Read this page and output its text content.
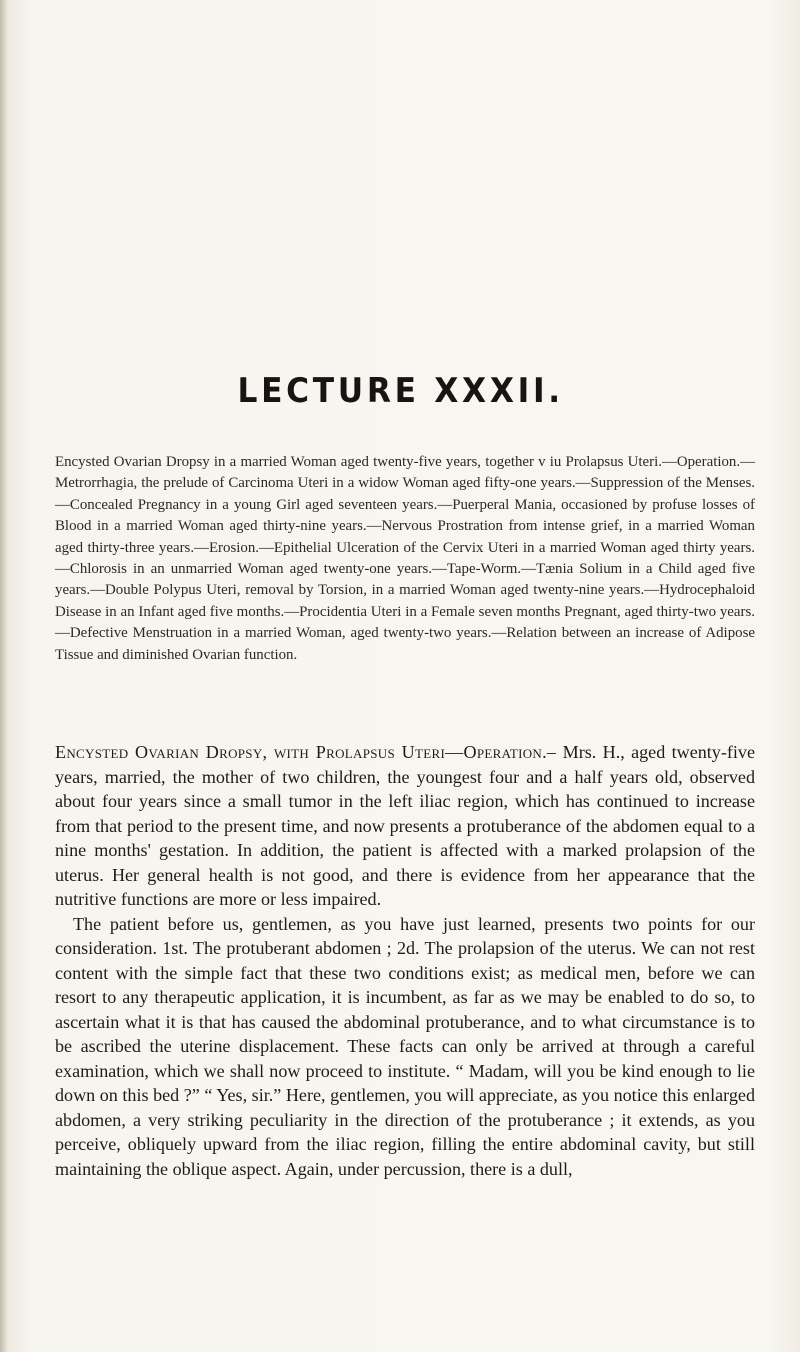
LECTURE XXXII.

Encysted Ovarian Dropsy in a married Woman aged twenty-five years, together v iu Prolapsus Uteri.—Operation.—Metrorrhagia, the prelude of Carcinoma Uteri in a widow Woman aged fifty-one years.—Suppression of the Menses.—Concealed Pregnancy in a young Girl aged seventeen years.—Puerperal Mania, occasioned by profuse losses of Blood in a married Woman aged thirty-nine years.—Nervous Prostration from intense grief, in a married Woman aged thirty-three years.—Erosion.—Epithelial Ulceration of the Cervix Uteri in a married Woman aged thirty years.—Chlorosis in an unmarried Woman aged twenty-one years.—Tape-Worm.—Tænia Solium in a Child aged five years.—Double Polypus Uteri, removal by Torsion, in a married Woman aged twenty-nine years.—Hydrocephaloid Disease in an Infant aged five months.—Procidentia Uteri in a Female seven months Pregnant, aged thirty-two years.—Defective Menstruation in a married Woman, aged twenty-two years.—Relation between an increase of Adipose Tissue and diminished Ovarian function.

Encysted Ovarian Dropsy, with Prolapsus Uteri—Operation.– Mrs. H., aged twenty-five years, married, the mother of two children, the youngest four and a half years old, observed about four years since a small tumor in the left iliac region, which has continued to increase from that period to the present time, and now presents a protuberance of the abdomen equal to a nine months' gestation. In addition, the patient is affected with a marked prolapsion of the uterus. Her general health is not good, and there is evidence from her appearance that the nutritive functions are more or less impaired.

The patient before us, gentlemen, as you have just learned, presents two points for our consideration. 1st. The protuberant abdomen ; 2d. The prolapsion of the uterus. We can not rest content with the simple fact that these two conditions exist; as medical men, before we can resort to any therapeutic application, it is incumbent, as far as we may be enabled to do so, to ascertain what it is that has caused the abdominal protuberance, and to what circumstance is to be ascribed the uterine displacement. These facts can only be arrived at through a careful examination, which we shall now proceed to institute. “ Madam, will you be kind enough to lie down on this bed ?” “ Yes, sir.” Here, gentlemen, you will appreciate, as you notice this enlarged abdomen, a very striking peculiarity in the direction of the protuberance ; it extends, as you perceive, obliquely upward from the iliac region, filling the entire abdominal cavity, but still maintaining the oblique aspect. Again, under percussion, there is a dull,
